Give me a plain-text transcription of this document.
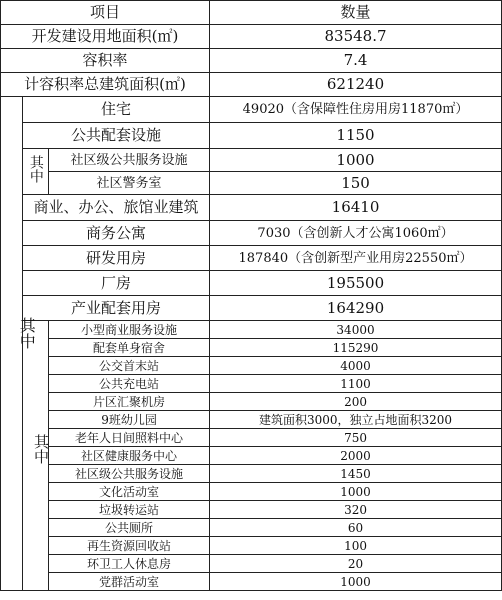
项目			数量
开发建设用地面积(㎡)			83548.7
容积率			7.4
计容积率总建筑面积(㎡)			621240
其中	住宅		49020（含保障性住房用房11870㎡）
	公共配套设施		1150
	其中	社区级公共服务设施	1000
		社区警务室	150
	商业、办公、旅馆业建筑		16410
	商务公寓		7030（含创新人才公寓1060㎡）
	研发用房		187840（含创新型产业用房22550㎡）
	厂房		195500
	产业配套用房		164290
	其中	小型商业服务设施	34000
		配套单身宿舍	115290
		公交首末站	4000
		公共充电站	1100
		片区汇聚机房	200
		9班幼儿园	建筑面积3000，独立占地面积3200
		老年人日间照料中心	750
		社区健康服务中心	2000
		社区级公共服务设施	1450
		文化活动室	1000
		垃圾转运站	320
		公共厕所	60
		再生资源回收站	100
		环卫工人休息房	20
		党群活动室	1000
